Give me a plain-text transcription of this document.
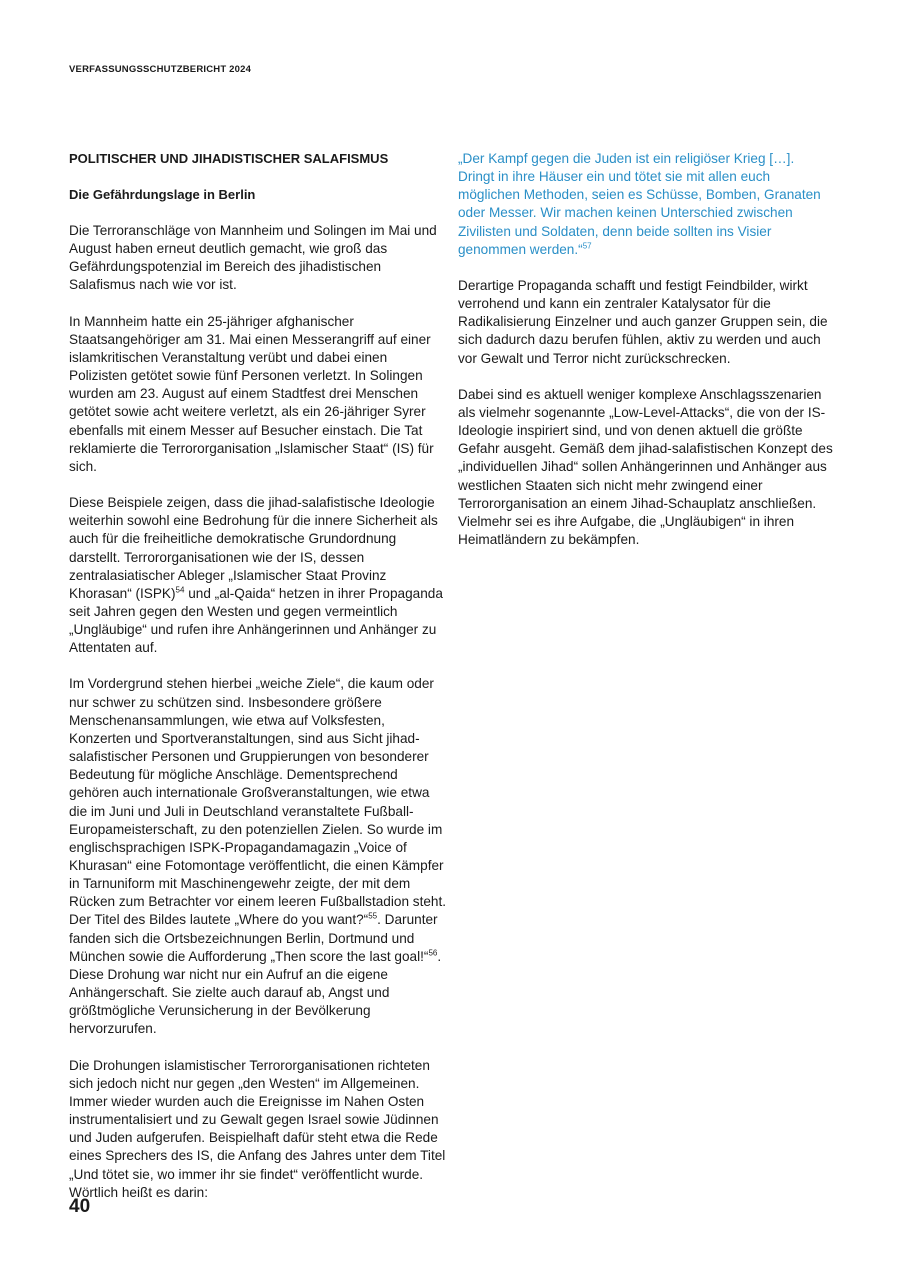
VERFASSUNGSSCHUTZBERICHT 2024
POLITISCHER UND JIHADISTISCHER SALAFISMUS
Die Gefährdungslage in Berlin

Die Terroranschläge von Mannheim und Solingen im Mai und August haben erneut deutlich gemacht, wie groß das Gefährdungspotenzial im Bereich des jihadistischen Salafismus nach wie vor ist.

In Mannheim hatte ein 25-jähriger afghanischer Staatsangehöriger am 31. Mai einen Messerangriff auf einer islamkritischen Veranstaltung verübt und dabei einen Polizisten getötet sowie fünf Personen verletzt. In Solingen wurden am 23. August auf einem Stadtfest drei Menschen getötet sowie acht weitere verletzt, als ein 26-jähriger Syrer ebenfalls mit einem Messer auf Besucher einstach. Die Tat reklamierte die Terrororganisation „Islamischer Staat“ (IS) für sich.

Diese Beispiele zeigen, dass die jihad-salafistische Ideologie weiterhin sowohl eine Bedrohung für die innere Sicherheit als auch für die freiheitliche demokratische Grundordnung darstellt. Terrororganisationen wie der IS, dessen zentralasiatischer Ableger „Islamischer Staat Provinz Khorasan“ (ISPK)$^{54}$ und „al-Qaida“ hetzen in ihrer Propaganda seit Jahren gegen den Westen und gegen vermeintlich „Ungläubige“ und rufen ihre Anhängerinnen und Anhänger zu Attentaten auf.

Im Vordergrund stehen hierbei „weiche Ziele“, die kaum oder nur schwer zu schützen sind. Insbesondere größere Menschenansammlungen, wie etwa auf Volksfesten, Konzerten und Sportveranstaltungen, sind aus Sicht jihad-salafistischer Personen und Gruppierungen von besonderer Bedeutung für mögliche Anschläge. Dementsprechend gehören auch internationale Großveranstaltungen, wie etwa die im Juni und Juli in Deutschland veranstaltete Fußball-Europameisterschaft, zu den potenziellen Zielen. So wurde im englischsprachigen ISPK-Propagandamagazin „Voice of Khurasan“ eine Fotomontage veröffentlicht, die einen Kämpfer in Tarnuniform mit Maschinengewehr zeigte, der mit dem Rücken zum Betrachter vor einem leeren Fußballstadion steht. Der Titel des Bildes lautete „Where do you want?“$^{55}$. Darunter fanden sich die Ortsbezeichnungen Berlin, Dortmund und München sowie die Aufforderung „Then score the last goal!“$^{56}$. Diese Drohung war nicht nur ein Aufruf an die eigene Anhängerschaft. Sie zielte auch darauf ab, Angst und größtmögliche Verunsicherung in der Bevölkerung hervorzurufen.

Die Drohungen islamistischer Terrororganisationen richteten sich jedoch nicht nur gegen „den Westen“ im Allgemeinen. Immer wieder wurden auch die Ereignisse im Nahen Osten instrumentalisiert und zu Gewalt gegen Israel sowie Jüdinnen und Juden aufgerufen. Beispielhaft dafür steht etwa die Rede eines Sprechers des IS, die Anfang des Jahres unter dem Titel „Und tötet sie, wo immer ihr sie findet“ veröffentlicht wurde. Wörtlich heißt es darin:

„Der Kampf gegen die Juden ist ein religiöser Krieg […]. Dringt in ihre Häuser ein und tötet sie mit allen euch möglichen Methoden, seien es Schüsse, Bomben, Granaten oder Messer. Wir machen keinen Unterschied zwischen Zivilisten und Soldaten, denn beide sollten ins Visier genommen werden.“$^{57}$

Derartige Propaganda schafft und festigt Feindbilder, wirkt verrohend und kann ein zentraler Katalysator für die Radikalisierung Einzelner und auch ganzer Gruppen sein, die sich dadurch dazu berufen fühlen, aktiv zu werden und auch vor Gewalt und Terror nicht zurückschrecken.

Dabei sind es aktuell weniger komplexe Anschlagsszenarien als vielmehr sogenannte „Low-Level-Attacks“, die von der IS-Ideologie inspiriert sind, und von denen aktuell die größte Gefahr ausgeht. Gemäß dem jihad-salafistischen Konzept des „individuellen Jihad“ sollen Anhängerinnen und Anhänger aus westlichen Staaten sich nicht mehr zwingend einer Terrororganisation an einem Jihad-Schauplatz anschließen. Vielmehr sei es ihre Aufgabe, die „Ungläubigen“ in ihren Heimatländern zu bekämpfen.

40
